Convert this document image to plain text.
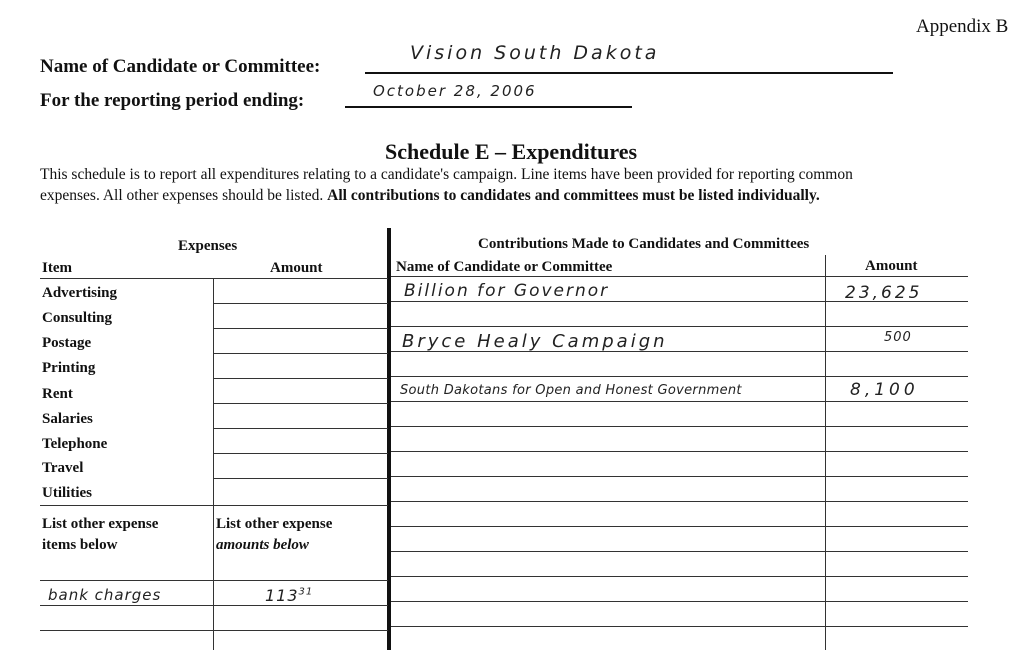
Appendix B
Name of Candidate or Committee:
Vision South Dakota
For the reporting period ending:	October 28, 2006
Schedule E – Expenditures
This schedule is to report all expenditures relating to a candidate's campaign. Line items have been provided for reporting common
expenses. All other expenses should be listed. All contributions to candidates and committees must be listed individually.
Expenses
Item	Amount
Contributions Made to Candidates and Committees
Name of Candidate or Committee	Amount
Advertising
Consulting
Postage
Printing
Rent
Salaries
Telephone
Travel
Utilities
List other expense
items below
List other expense
amounts below
bank charges	$113^{31}$
Billion for Governor	23,625
Bryce Healy Campaign	500
South Dakotans for Open and Honest Government	8,100
